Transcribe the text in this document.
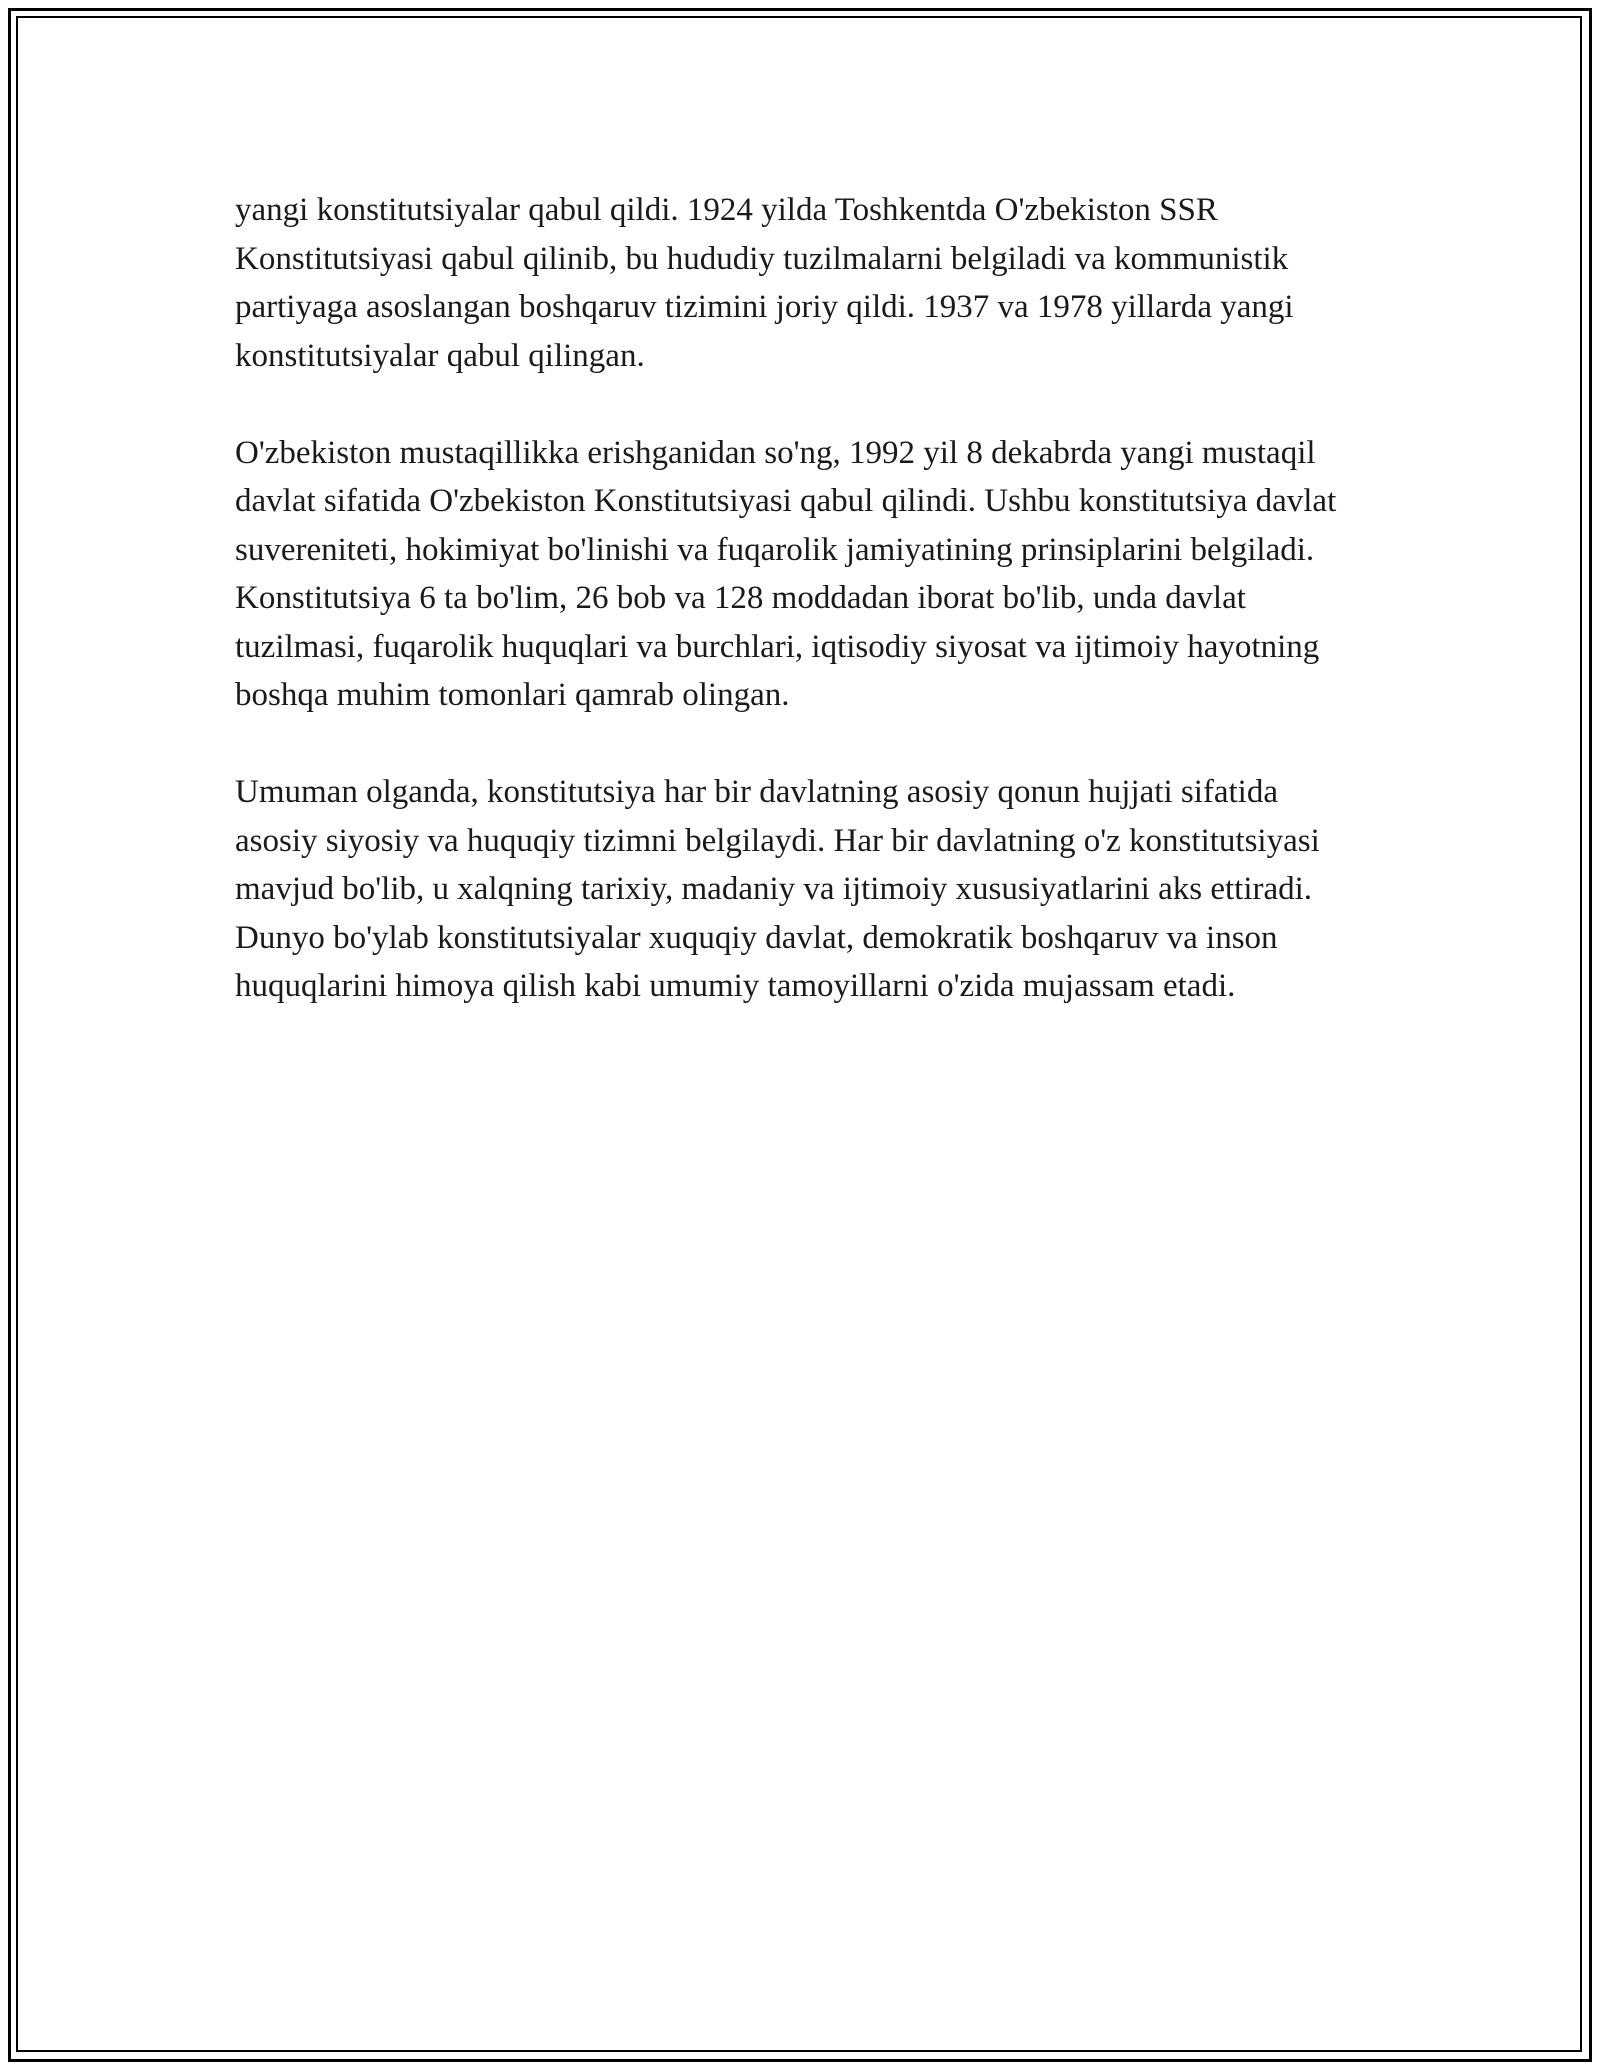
yangi konstitutsiyalar qabul qildi. 1924 yilda Toshkentda O'zbekiston SSR Konstitutsiyasi qabul qilinib, bu hududiy tuzilmalarni belgiladi va kommunistik partiyaga asoslangan boshqaruv tizimini joriy qildi. 1937 va 1978 yillarda yangi konstitutsiyalar qabul qilingan.

O'zbekiston mustaqillikka erishganidan so'ng, 1992 yil 8 dekabrda yangi mustaqil davlat sifatida O'zbekiston Konstitutsiyasi qabul qilindi. Ushbu konstitutsiya davlat suvereniteti, hokimiyat bo'linishi va fuqarolik jamiyatining prinsiplarini belgiladi. Konstitutsiya 6 ta bo'lim, 26 bob va 128 moddadan iborat bo'lib, unda davlat tuzilmasi, fuqarolik huquqlari va burchlari, iqtisodiy siyosat va ijtimoiy hayotning boshqa muhim tomonlari qamrab olingan.

Umuman olganda, konstitutsiya har bir davlatning asosiy qonun hujjati sifatida asosiy siyosiy va huquqiy tizimni belgilaydi. Har bir davlatning o'z konstitutsiyasi mavjud bo'lib, u xalqning tarixiy, madaniy va ijtimoiy xususiyatlarini aks ettiradi. Dunyo bo'ylab konstitutsiyalar xuquqiy davlat, demokratik boshqaruv va inson huquqlarini himoya qilish kabi umumiy tamoyillarni o'zida mujassam etadi.
